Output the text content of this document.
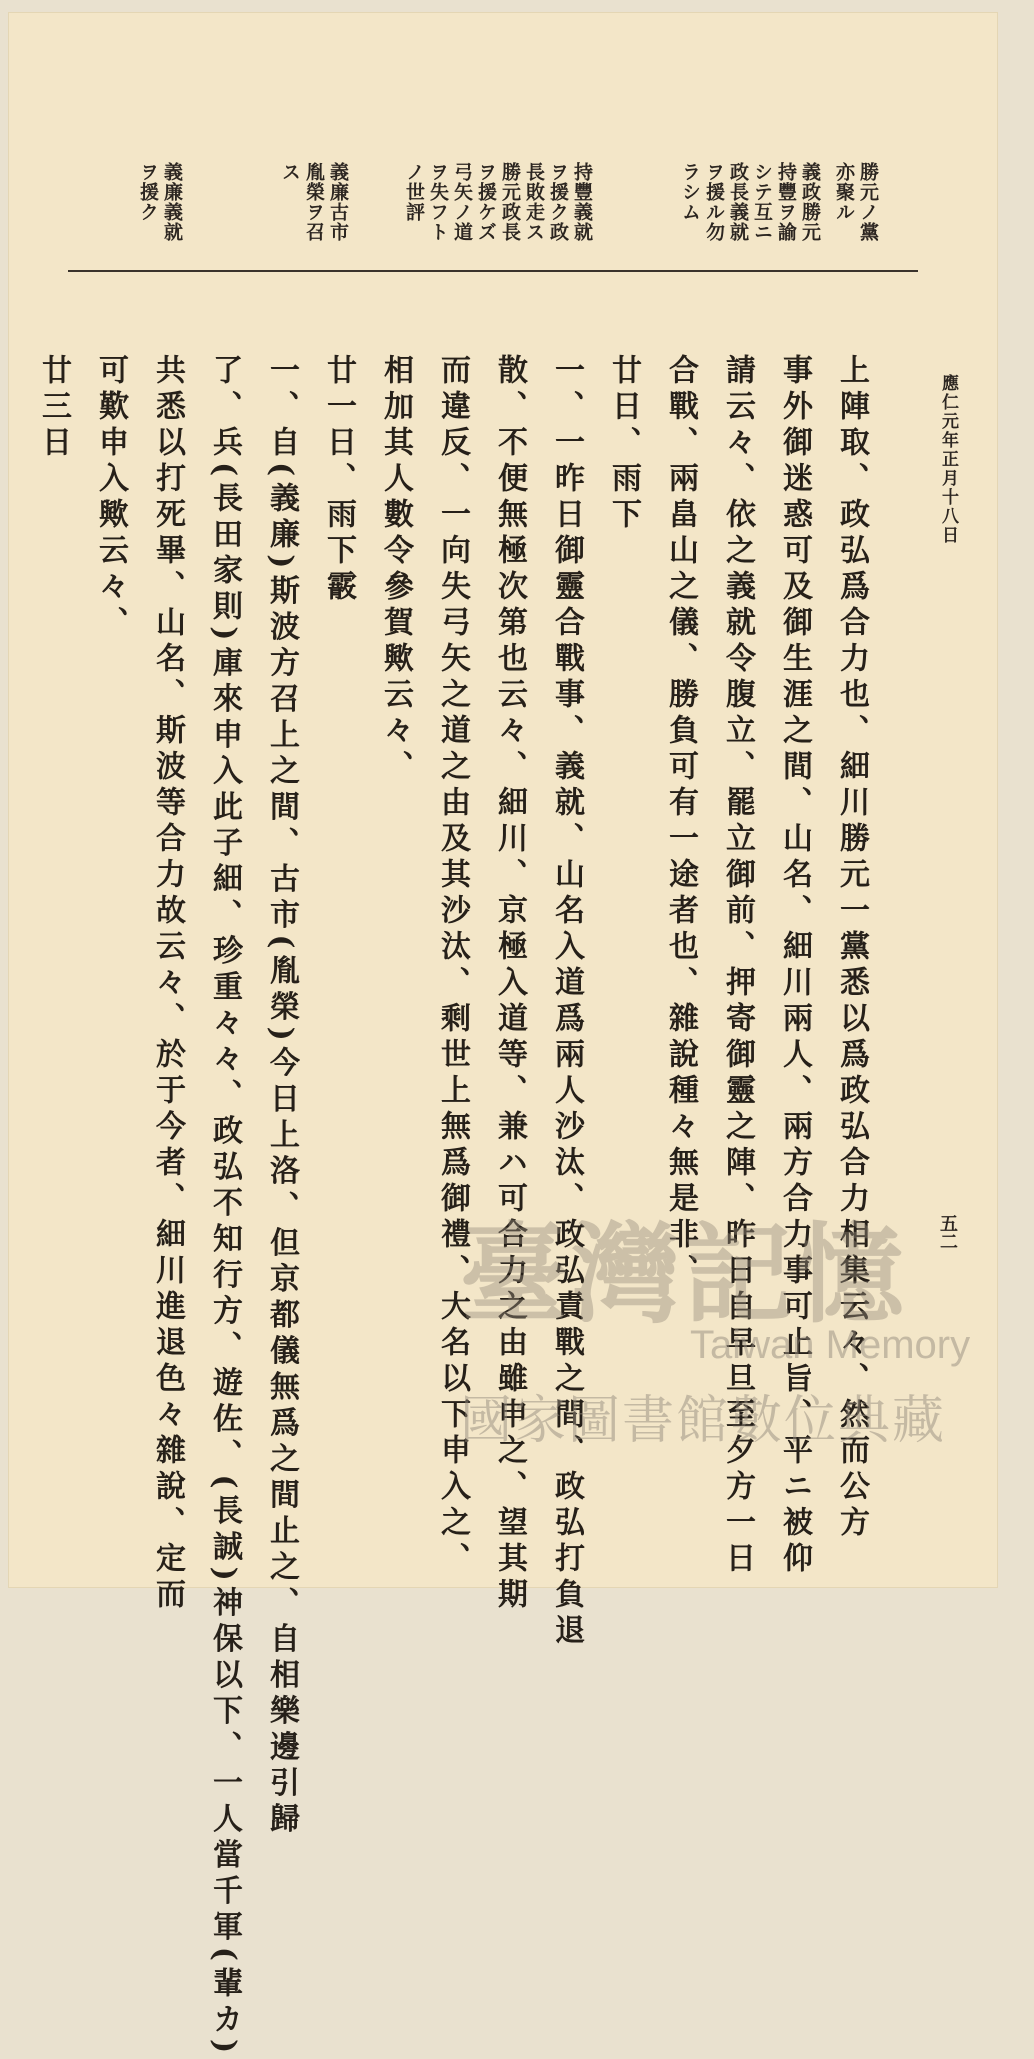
應仁元年正月十八日
五二
勝元ノ黨
亦聚ル
義政勝元
持豐ヲ諭
シテ互ニ
政長義就
ヲ援ル勿
ラシム
持豐義就
ヲ援ク政
長敗走ス
勝元政長
ヲ援ケズ
弓矢ノ道
ヲ失フト
ノ世評
義廉古市
胤榮ヲ召
ス
義廉義就
ヲ援ク
上陣取、政弘爲合力也、細川勝元一黨悉以爲政弘合力相集云々、然而公方
事外御迷惑可及御生涯之間、山名、細川兩人、兩方合力事可止旨、平ニ被仰
請云々、依之義就令腹立、罷立御前、押寄御靈之陣、昨日自早旦至夕方一日
合戰、兩畠山之儀、勝負可有一途者也、雜說種々無是非、
廿日、雨下
一、一昨日御靈合戰事、義就、山名入道爲兩人沙汰、政弘責戰之間、政弘打負退
散、不便無極次第也云々、細川、京極入道等、兼ハ可合力之由雖申之、望其期
而違反、一向失弓矢之道之由及其沙汰、剩世上無爲御禮、大名以下申入之、
相加其人數令參賀歟云々、
廿一日、雨下霰
一、自(義廉)斯波方召上之間、古市(胤榮)今日上洛、但京都儀無爲之間止之、自相樂邊引歸
了、兵(長田家則)庫來申入此子細、珍重々々、政弘不知行方、遊佐、(長誠)神保以下、一人當千軍(輩カ)
共悉以打死畢、山名、斯波等合力故云々、於于今者、細川進退色々雜說、定而
可歎申入歟云々、
廿三日
臺灣記憶
Taiwan Memory
國家圖書館數位典藏
